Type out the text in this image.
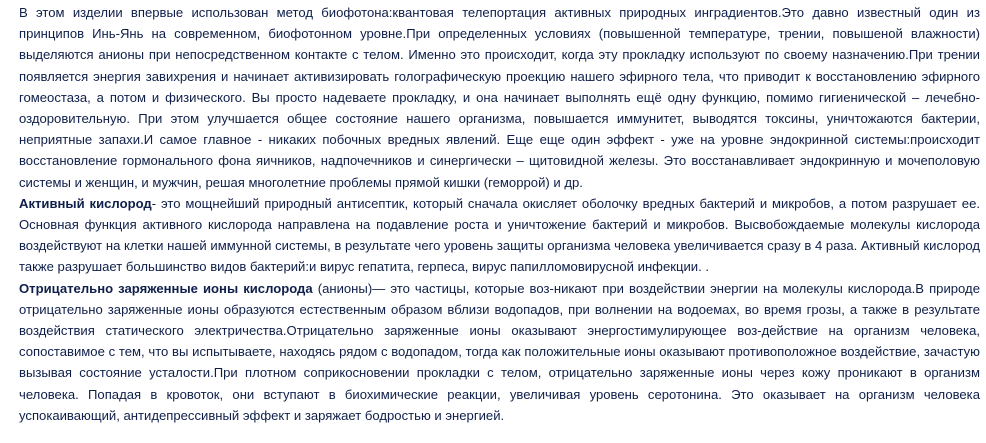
В этом изделии впервые использован метод биофотона:квантовая телепортация активных природных инградиентов.Это давно известный один из принципов Инь-Янь на современном, биофотонном уровне.При определенных условиях (повышенной температуре, трении, повышеной влажности) выделяются анионы при непосредственном контакте с телом. Именно это происходит, когда эту прокладку используют по своему назначению.При трении появляется энергия завихрения и начинает активизировать голографическую проекцию нашего эфирного тела, что приводит к восстановлению эфирного гомеостаза, а потом и физического. Вы просто надеваете прокладку, и она начинает выполнять ещё одну функцию, помимо гигиенической – лечебно-оздоровительную. При этом улучшается общее состояние нашего организма, повышается иммунитет, выводятся токсины, уничтожаются бактерии, неприятные запахи.И самое главное - никаких побочных вредных явлений. Еще еще один эффект - уже на уровне эндокринной системы:происходит восстановление гормонального фона яичников, надпочечников и синергически – щитовидной железы. Это восстанавливает эндокринную и мочеполовую системы и женщин, и мужчин, решая многолетние проблемы прямой кишки (геморрой) и др.

Активный кислород- это мощнейший природный антисептик, который сначала окисляет оболочку вредных бактерий и микробов, а потом разрушает ее. Основная функция активного кислорода направлена на подавление роста и уничтожение бактерий и микробов. Высвобождаемые молекулы кислорода воздействуют на клетки нашей иммунной системы, в результате чего уровень защиты организма человека увеличивается сразу в 4 раза. Активный кислород также разрушает большинство видов бактерий:и вирус гепатита, герпеса, вирус папилломовирусной инфекции. .

Отрицательно заряженные ионы кислорода (анионы)— это частицы, которые воз-никают при воздействии энергии на молекулы кислорода.В природе отрицательно заряженные ионы образуются естественным образом вблизи водопадов, при волнении на водоемах, во время грозы, а также в результате воздействия статического электричества.Отрицательно заряженные ионы оказывают энергостимулирующее воз-действие на организм человека, сопоставимое с тем, что вы испытываете, находясь рядом с водопадом, тогда как положительные ионы оказывают противоположное воздействие, зачастую вызывая состояние усталости.При плотном соприкосновении прокладки с телом, отрицательно заряженные ионы через кожу проникают в организм человека. Попадая в кровоток, они вступают в биохимические реакции, увеличивая уровень серотонина. Это оказывает на организм человека успокаивающий, антидепрессивный эффект и заряжает бодростью и энергией.
